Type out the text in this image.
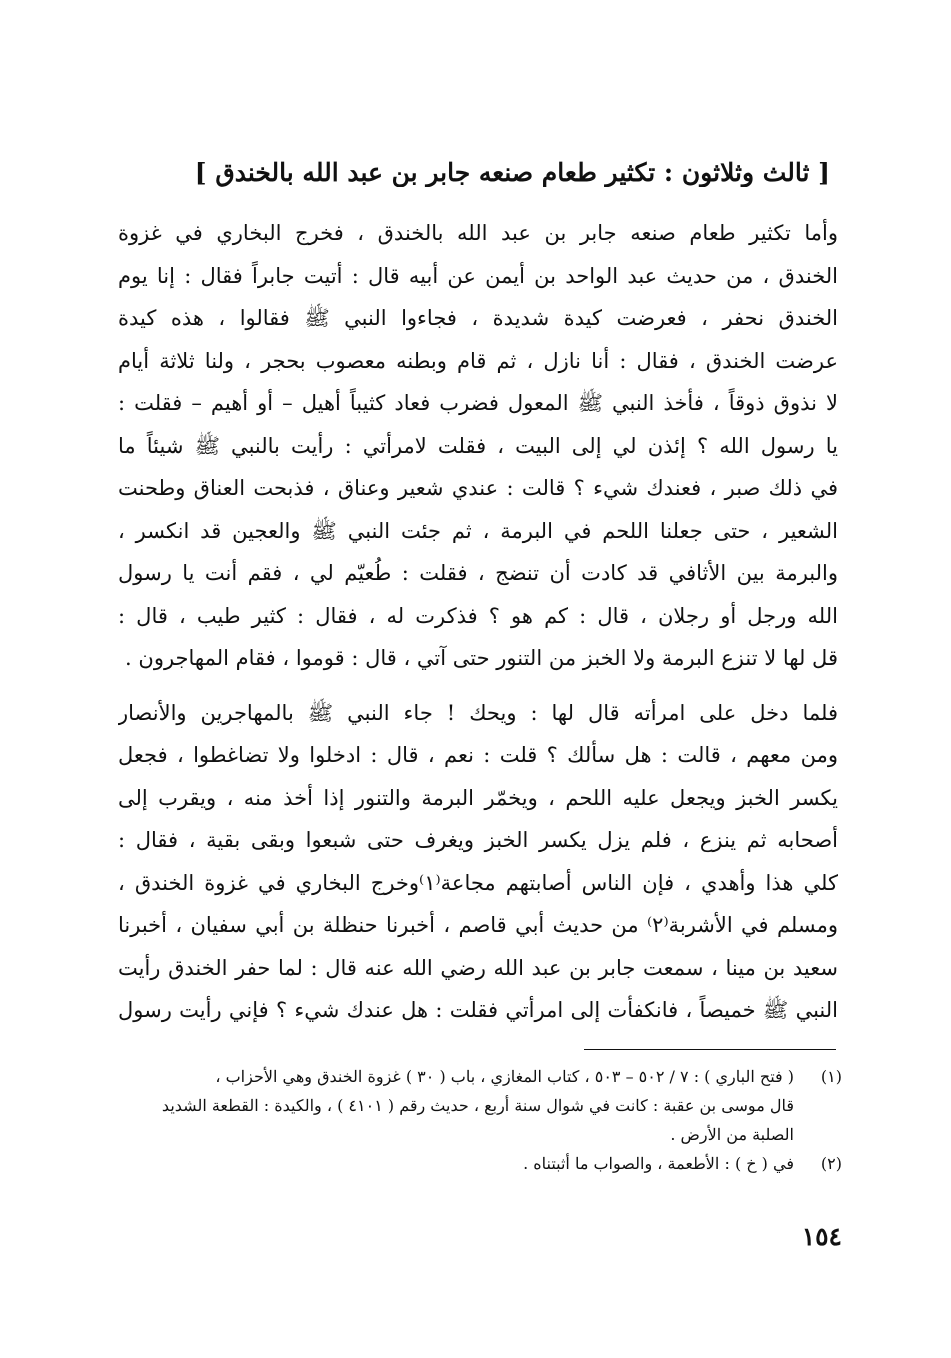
[ ثالث وثلاثون : تكثير طعام صنعه جابر بن عبد الله بالخندق ]
وأما تكثير طعام صنعه جابر بن عبد الله بالخندق ، فخرج البخاري في غزوة
الخندق ، من حديث عبد الواحد بن أيمن عن أبيه قال : أتيت جابراً فقال : إنا يوم
الخندق نحفر ، فعرضت كيدة شديدة ، فجاءوا النبي ﷺ فقالوا ، هذه كيدة
عرضت الخندق ، فقال : أنا نازل ، ثم قام وبطنه معصوب بحجر ، ولنا ثلاثة أيام
لا نذوق ذوقاً ، فأخذ النبي ﷺ المعول فضرب فعاد كثيباً أهيل – أو أهيم – فقلت :
يا رسول الله ؟ إئذن لي إلى البيت ، فقلت لامرأتي : رأيت بالنبي ﷺ شيئاً ما
في ذلك صبر ، فعندك شيء ؟ قالت : عندي شعير وعناق ، فذبحت العناق وطحنت
الشعير ، حتى جعلنا اللحم في البرمة ، ثم جئت النبي ﷺ والعجين قد انكسر ،
والبرمة بين الأثافي قد كادت أن تنضج ، فقلت : طُعيّم لي ، فقم أنت يا رسول
الله ورجل أو رجلان ، قال : كم هو ؟ فذكرت له ، فقال : كثير طيب ، قال :
قل لها لا تنزع البرمة ولا الخبز من التنور حتى آتي ، قال : قوموا ، فقام المهاجرون .
فلما دخل على امرأته قال لها : ويحك ! جاء النبي ﷺ بالمهاجرين والأنصار
ومن معهم ، قالت : هل سألك ؟ قلت : نعم ، قال : ادخلوا ولا تضاغطوا ، فجعل
يكسر الخبز ويجعل عليه اللحم ، ويخمّر البرمة والتنور إذا أخذ منه ، ويقرب إلى
أصحابه ثم ينزع ، فلم يزل يكسر الخبز ويغرف حتى شبعوا وبقى بقية ، فقال :
كلي هذا وأهدي ، فإن الناس أصابتهم مجاعة⁽١⁾وخرج البخاري في غزوة الخندق ،
ومسلم في الأشربة⁽٢⁾ من حديث أبي قاصم ، أخبرنا حنظلة بن أبي سفيان ، أخبرنا
سعيد بن مينا ، سمعت جابر بن عبد الله رضي الله عنه قال : لما حفر الخندق رأيت
النبي ﷺ خميصاً ، فانكفأت إلى امرأتي فقلت : هل عندك شيء ؟ فإني رأيت رسول
(١)( فتح الباري ) : ٧ / ٥٠٢ – ٥٠٣ ، كتاب المغازي ، باب ( ٣٠ ) غزوة الخندق وهي الأحزاب ،
قال موسى بن عقبة : كانت في شوال سنة أربع ، حديث رقم ( ٤١٠١ ) ، والكيدة : القطعة الشديد
الصلبة من الأرض .
(٢)في ( خ ) : الأطعمة ، والصواب ما أثبتناه .
١٥٤
